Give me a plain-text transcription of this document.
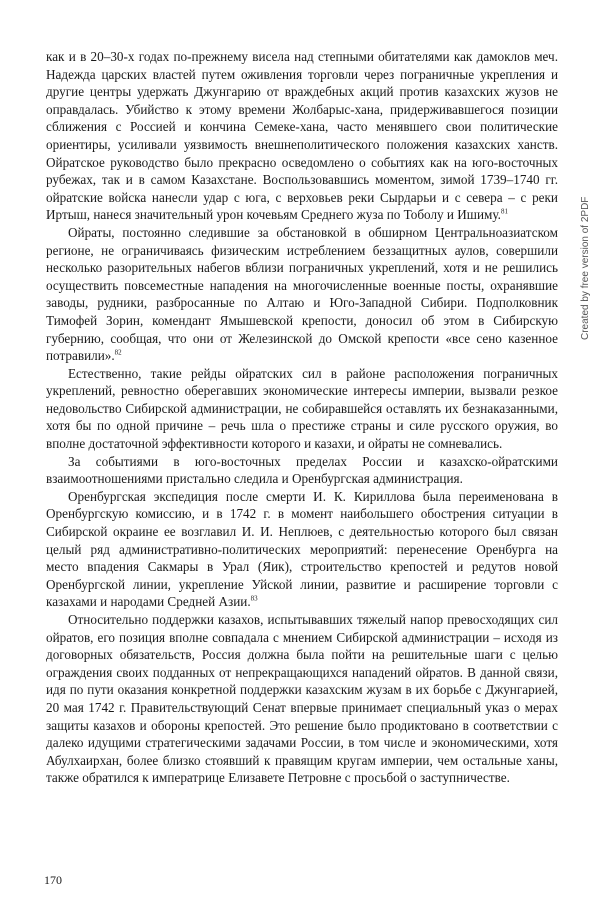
как и в 20–30-х годах по-прежнему висела над степными обитателями как дамоклов меч. Надежда царских властей путем оживления торговли через пограничные укрепления и другие центры удержать Джунгарию от враждебных акций против казахских жузов не оправдалась. Убийство к этому времени Жолбарыс-хана, придерживавшегося позиции сближения с Россией и кончина Семеке-хана, часто менявшего свои политические ориентиры, усиливали уязвимость внешнеполитического положения казахских ханств. Ойратское руководство было прекрасно осведомлено о событиях как на юго-восточных рубежах, так и в самом Казахстане. Воспользовавшись моментом, зимой 1739–1740 гг. ойратские войска нанесли удар с юга, с верховьев реки Сырдарьи и с севера – с реки Иртыш, нанеся значительный урон кочевьям Среднего жуза по Тоболу и Ишиму.$^{81}$

Ойраты, постоянно следившие за обстановкой в обширном Центральноазиатском регионе, не ограничиваясь физическим истреблением беззащитных аулов, совершили несколько разорительных набегов вблизи пограничных укреплений, хотя и не решились осуществить повсеместные нападения на многочисленные военные посты, охранявшие заводы, рудники, разбросанные по Алтаю и Юго-Западной Сибири. Подполковник Тимофей Зорин, комендант Ямышевской крепости, доносил об этом в Сибирскую губернию, сообщая, что они от Железинской до Омской крепости «все сено казенное потравили».$^{82}$

Естественно, такие рейды ойратских сил в районе расположения пограничных укреплений, ревностно оберегавших экономические интересы империи, вызвали резкое недовольство Сибирской администрации, не собиравшейся оставлять их безнаказанными, хотя бы по одной причине – речь шла о престиже страны и силе русского оружия, во вполне достаточной эффективности которого и казахи, и ойраты не сомневались.

За событиями в юго-восточных пределах России и казахско-ойратскими взаимоотношениями пристально следила и Оренбургская администрация.

Оренбургская экспедиция после смерти И. К. Кириллова была переименована в Оренбургскую комиссию, и в 1742 г. в момент наибольшего обострения ситуации в Сибирской окраине ее возглавил И. И. Неплюев, с деятельностью которого был связан целый ряд административно-политических мероприятий: перенесение Оренбурга на место впадения Сакмары в Урал (Яик), строительство крепостей и редутов новой Оренбургской линии, укрепление Уйской линии, развитие и расширение торговли с казахами и народами Средней Азии.$^{83}$

Относительно поддержки казахов, испытывавших тяжелый напор превосходящих сил ойратов, его позиция вполне совпадала с мнением Сибирской администрации – исходя из договорных обязательств, Россия должна была пойти на решительные шаги с целью ограждения своих подданных от непрекращающихся нападений ойратов. В данной связи, идя по пути оказания конкретной поддержки казахским жузам в их борьбе с Джунгарией, 20 мая 1742 г. Правительствующий Сенат впервые принимает специальный указ о мерах защиты казахов и обороны крепостей. Это решение было продиктовано в соответствии с далеко идущими стратегическими задачами России, в том числе и экономическими, хотя Абулхаирхан, более близко стоявший к правящим кругам империи, чем остальные ханы, также обратился к императрице Елизавете Петровне с просьбой о заступничестве.

170
Created by free version of 2PDF
